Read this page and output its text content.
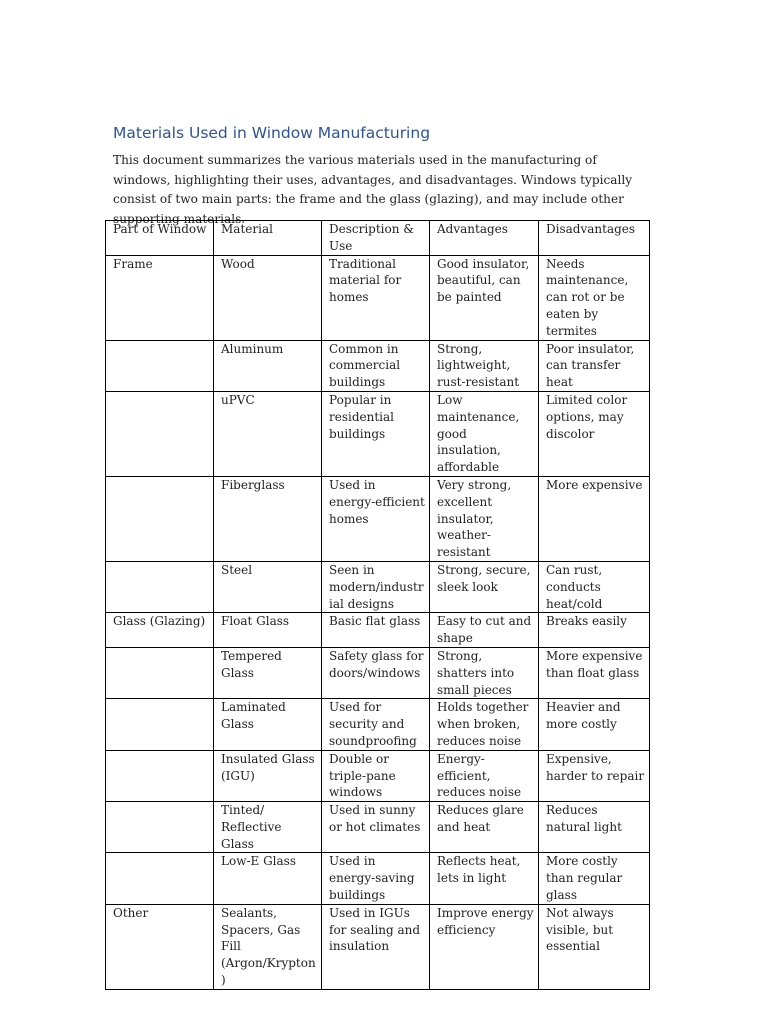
Materials Used in Window Manufacturing

This document summarizes the various materials used in the manufacturing of windows, highlighting their uses, advantages, and disadvantages. Windows typically consist of two main parts: the frame and the glass (glazing), and may include other supporting materials.

Part of Window	Material	Description & Use	Advantages	Disadvantages
Frame	Wood	Traditional material for homes	Good insulator, beautiful, can be painted	Needs maintenance, can rot or be eaten by termites
	Aluminum	Common in commercial buildings	Strong, lightweight, rust-resistant	Poor insulator, can transfer heat
	uPVC	Popular in residential buildings	Low maintenance, good insulation, affordable	Limited color options, may discolor
	Fiberglass	Used in energy-efficient homes	Very strong, excellent insulator, weather-resistant	More expensive
	Steel	Seen in modern/industrial designs	Strong, secure, sleek look	Can rust, conducts heat/cold
Glass (Glazing)	Float Glass	Basic flat glass	Easy to cut and shape	Breaks easily
	Tempered Glass	Safety glass for doors/windows	Strong, shatters into small pieces	More expensive than float glass
	Laminated Glass	Used for security and soundproofing	Holds together when broken, reduces noise	Heavier and more costly
	Insulated Glass (IGU)	Double or triple-pane windows	Energy-efficient, reduces noise	Expensive, harder to repair
	Tinted/ Reflective Glass	Used in sunny or hot climates	Reduces glare and heat	Reduces natural light
	Low-E Glass	Used in energy-saving buildings	Reflects heat, lets in light	More costly than regular glass
Other	Sealants, Spacers, Gas Fill (Argon/Krypton)	Used in IGUs for sealing and insulation	Improve energy efficiency	Not always visible, but essential
